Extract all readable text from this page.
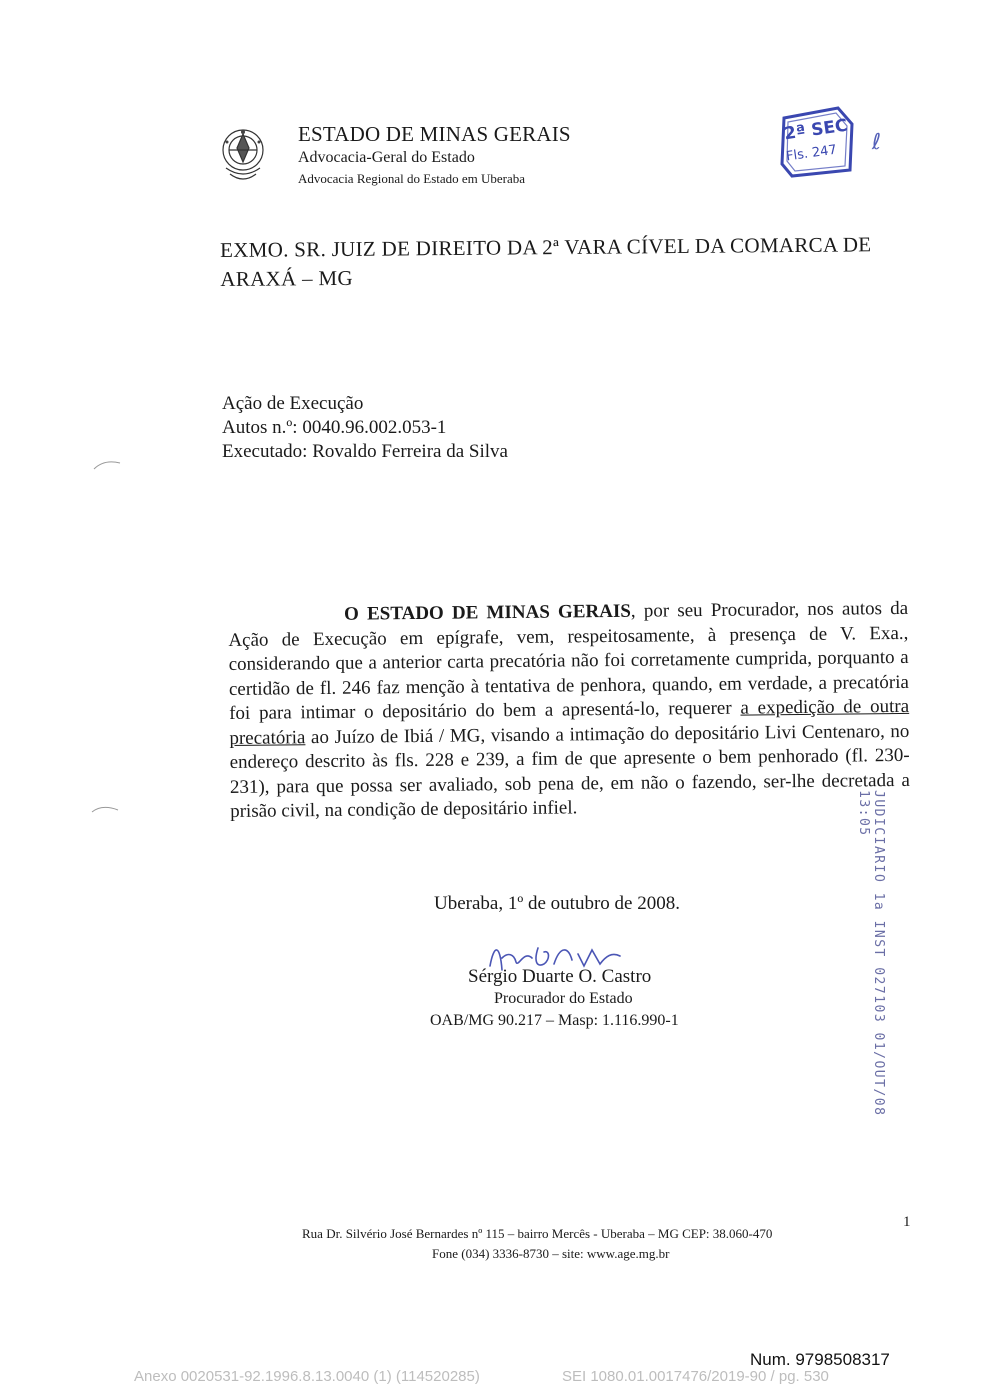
ESTADO DE MINAS GERAIS
Advocacia-Geral do Estado
Advocacia Regional do Estado em Uberaba
2ª SEC
Fls. 247 ℓ
EXMO. SR. JUIZ DE DIREITO DA 2ª VARA CÍVEL DA COMARCA DE ARAXÁ – MG
Ação de Execução
Autos n.º: 0040.96.002.053-1
Executado: Rovaldo Ferreira da Silva
O ESTADO DE MINAS GERAIS, por seu Procurador, nos autos da Ação de Execução em epígrafe, vem, respeitosamente, à presença de V. Exa., considerando que a anterior carta precatória não foi corretamente cumprida, porquanto a certidão de fl. 246 faz menção à tentativa de penhora, quando, em verdade, a precatória foi para intimar o depositário do bem a apresentá-lo, requerer a expedição de outra precatória ao Juízo de Ibiá / MG, visando a intimação do depositário Livi Centenaro, no endereço descrito às fls. 228 e 239, a fim de que apresente o bem penhorado (fl. 230-231), para que possa ser avaliado, sob pena de, em não o fazendo, ser-lhe decretada a prisão civil, na condição de depositário infiel.
Uberaba, 1º de outubro de 2008.
Sérgio Duarte O. Castro
Procurador do Estado
OAB/MG 90.217 – Masp: 1.116.990-1	JUDICIARIO 1a INST 027103 01/OUT/08 13:05
1
Rua Dr. Silvério José Bernardes nº 115 – bairro Mercês - Uberaba – MG CEP: 38.060-470
Fone (034) 3336-8730 – site: www.age.mg.br
Num. 9798508317
Anexo 0020531-92.1996.8.13.0040 (1) (114520285)	SEI 1080.01.0017476/2019-90 / pg. 530
